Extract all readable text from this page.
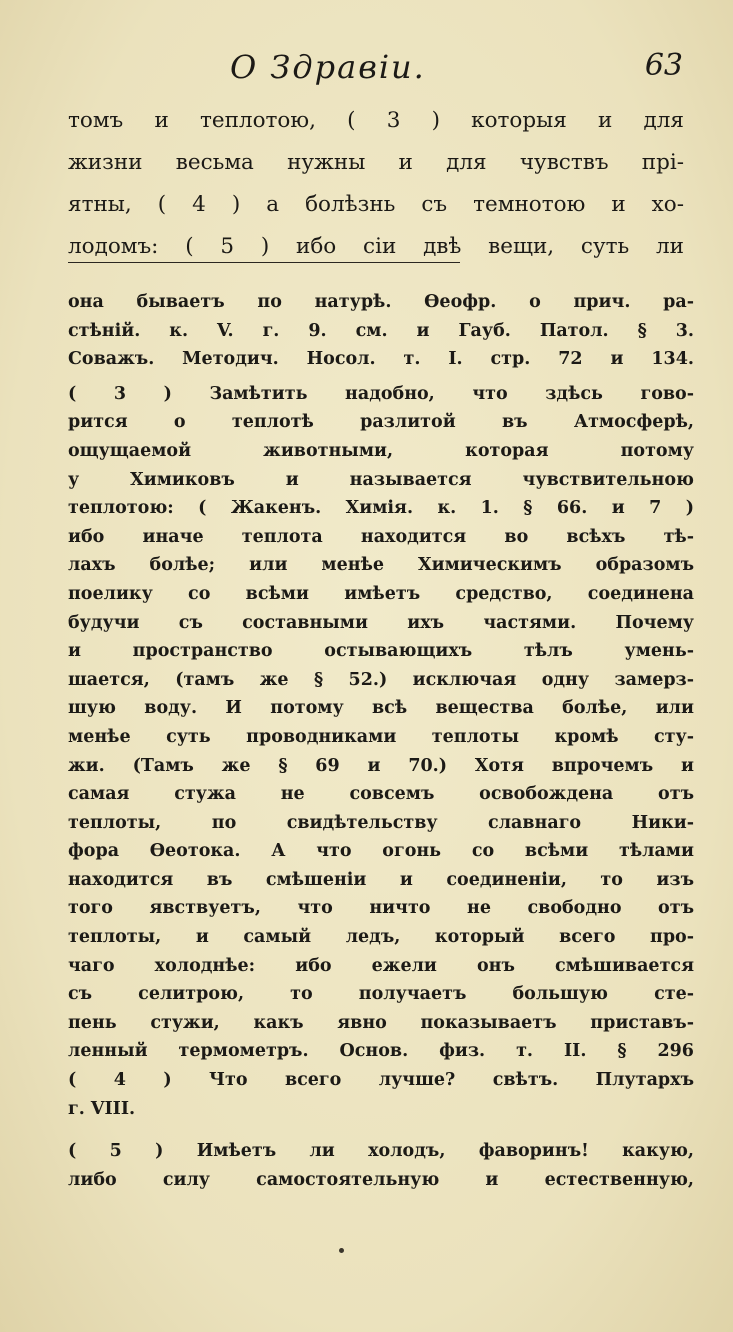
О Здравіи.	63
томъ и теплотою, ( 3 ) которыя и для
жизни весьма нужны и для чувствъ прі-
ятны, ( 4 ) а болѣзнь съ темнотою и хо-
лодомъ: ( 5 ) ибо сіи двѣ вещи, суть ли
она бываетъ по натурѣ. Ѳеофр. о прич. ра-
стѣній. к. V. г. 9. см. и Гауб. Патол. § 3.
Соважъ. Методич. Носол. т. I. стр. 72 и 134.
( 3 ) Замѣтить надобно, что здѣсь гово-
рится о теплотѣ разлитой въ Атмосферѣ,
ощущаемой животными, которая потому
у Химиковъ и называется чувствительною
теплотою: ( Жакенъ. Химія. к. 1. § 66. и 7 )
ибо иначе теплота находится во всѣхъ тѣ-
лахъ болѣе; или менѣе Химическимъ образомъ
поелику со всѣми имѣетъ средство, соединена
будучи съ составными ихъ частями. Почему
и пространство остывающихъ тѣлъ умень-
шается, (тамъ же § 52.) исключая одну замерз-
шую воду. И потому всѣ вещества болѣе, или
менѣе суть проводниками теплоты кромѣ сту-
жи. (Тамъ же § 69 и 70.) Хотя впрочемъ и
самая стужа не совсемъ освобождена отъ
теплоты, по свидѣтельству славнаго Ники-
фора Ѳеотока. А что огонь со всѣми тѣлами
находится въ смѣшеніи и соединеніи, то изъ
того явствуетъ, что ничто не свободно отъ
теплоты, и самый ледъ, который всего про-
чаго холоднѣе: ибо ежели онъ смѣшивается
съ селитрою, то получаетъ большую сте-
пень стужи, какъ явно показываетъ приставъ-
ленный термометръ. Основ. физ. т. II. § 296
( 4 ) Что всего лучше? свѣтъ. Плутархъ
г. VIII.
( 5 ) Имѣетъ ли холодъ, фаворинъ! какую,
либо силу самостоятельную и естественную,
